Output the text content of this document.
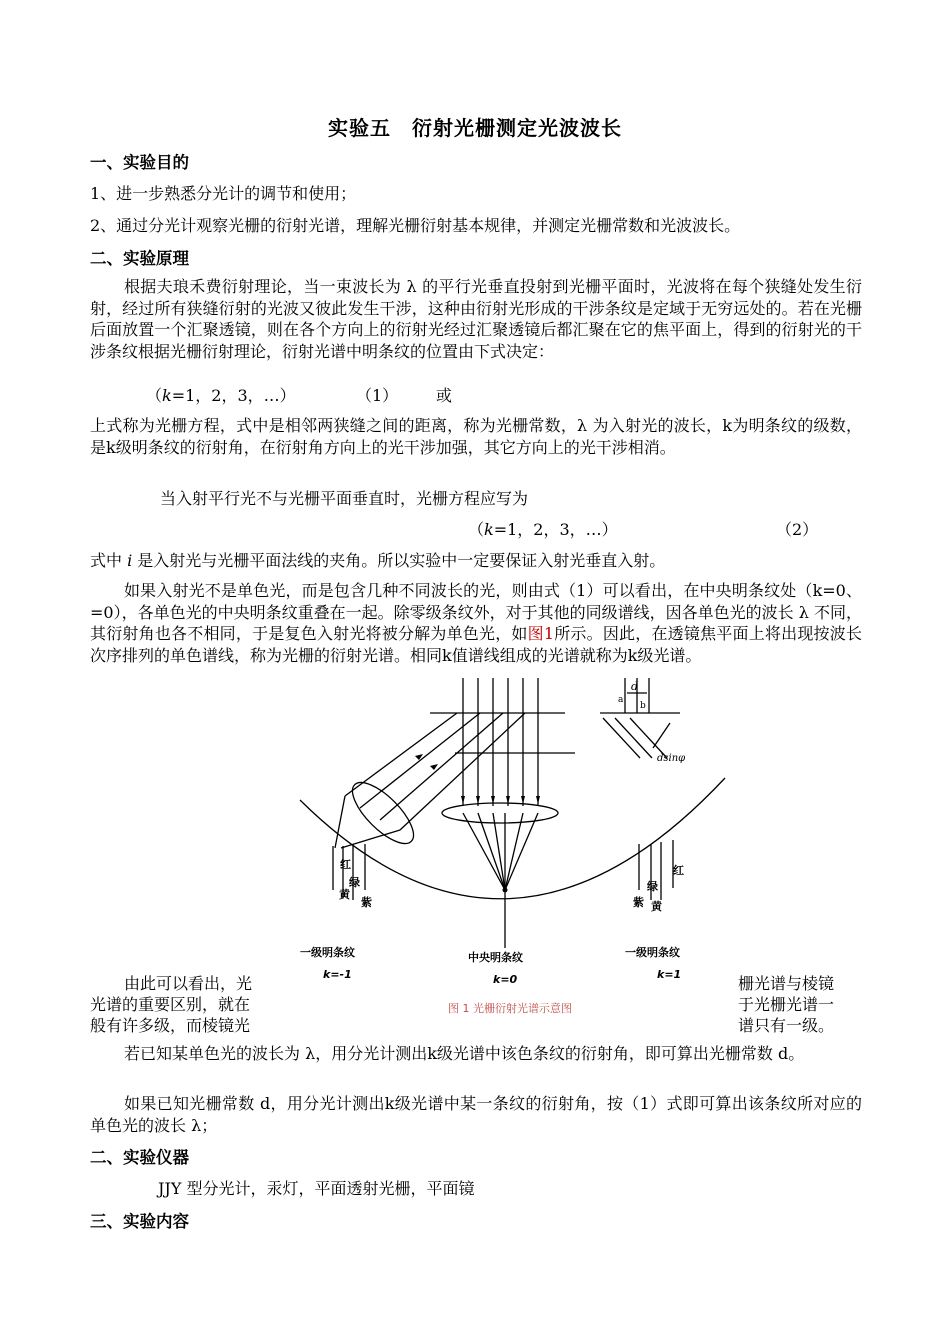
实验五　衍射光栅测定光波波长
一、实验目的
1、进一步熟悉分光计的调节和使用；
2、通过分光计观察光栅的衍射光谱，理解光栅衍射基本规律，并测定光栅常数和光波波长。
二、实验原理
根据夫琅禾费衍射理论，当一束波长为 λ 的平行光垂直投射到光栅平面时，光波将在每个狭缝处发生衍射，经过所有狭缝衍射的光波又彼此发生干涉，这种由衍射光形成的干涉条纹是定域于无穷远处的。若在光栅后面放置一个汇聚透镜，则在各个方向上的衍射光经过汇聚透镜后都汇聚在它的焦平面上，得到的衍射光的干涉条纹根据光栅衍射理论，衍射光谱中明条纹的位置由下式决定：
（k=1，2，3，…）	（1） 或
上式称为光栅方程，式中是相邻两狭缝之间的距离，称为光栅常数，λ 为入射光的波长，k为明条纹的级数，是k级明条纹的衍射角，在衍射角方向上的光干涉加强，其它方向上的光干涉相消。
当入射平行光不与光栅平面垂直时，光栅方程应写为
（k=1，2，3，…）	（2）
式中 i 是入射光与光栅平面法线的夹角。所以实验中一定要保证入射光垂直入射。
如果入射光不是单色光，而是包含几种不同波长的光，则由式（1）可以看出，在中央明条纹处（k=0、=0），各单色光的中央明条纹重叠在一起。除零级条纹外，对于其他的同级谱线，因各单色光的波长 λ 不同，其衍射角也各不相同，于是复色入射光将被分解为单色光，如图1所示。因此，在透镜焦平面上将出现按波长次序排列的单色谱线，称为光栅的衍射光谱。相同k值谱线组成的光谱就称为k级光谱。
d
a
b
dsinφ
红
绿
黄
紫	紫
绿
黄
红
一级明条纹	中央明条纹	一级明条纹
k=-1	k=0	k=1
图 1 光栅衍射光谱示意图
由此可以看出，光
光谱的重要区别，就在
般有许多级，而棱镜光
栅光谱与棱镜
于光栅光谱一
谱只有一级。
若已知某单色光的波长为 λ，用分光计测出k级光谱中该色条纹的衍射角，即可算出光栅常数 d。
如果已知光栅常数 d，用分光计测出k级光谱中某一条纹的衍射角，按（1）式即可算出该条纹所对应的单色光的波长 λ；
二、实验仪器
JJY 型分光计，汞灯，平面透射光栅，平面镜
三、实验内容
